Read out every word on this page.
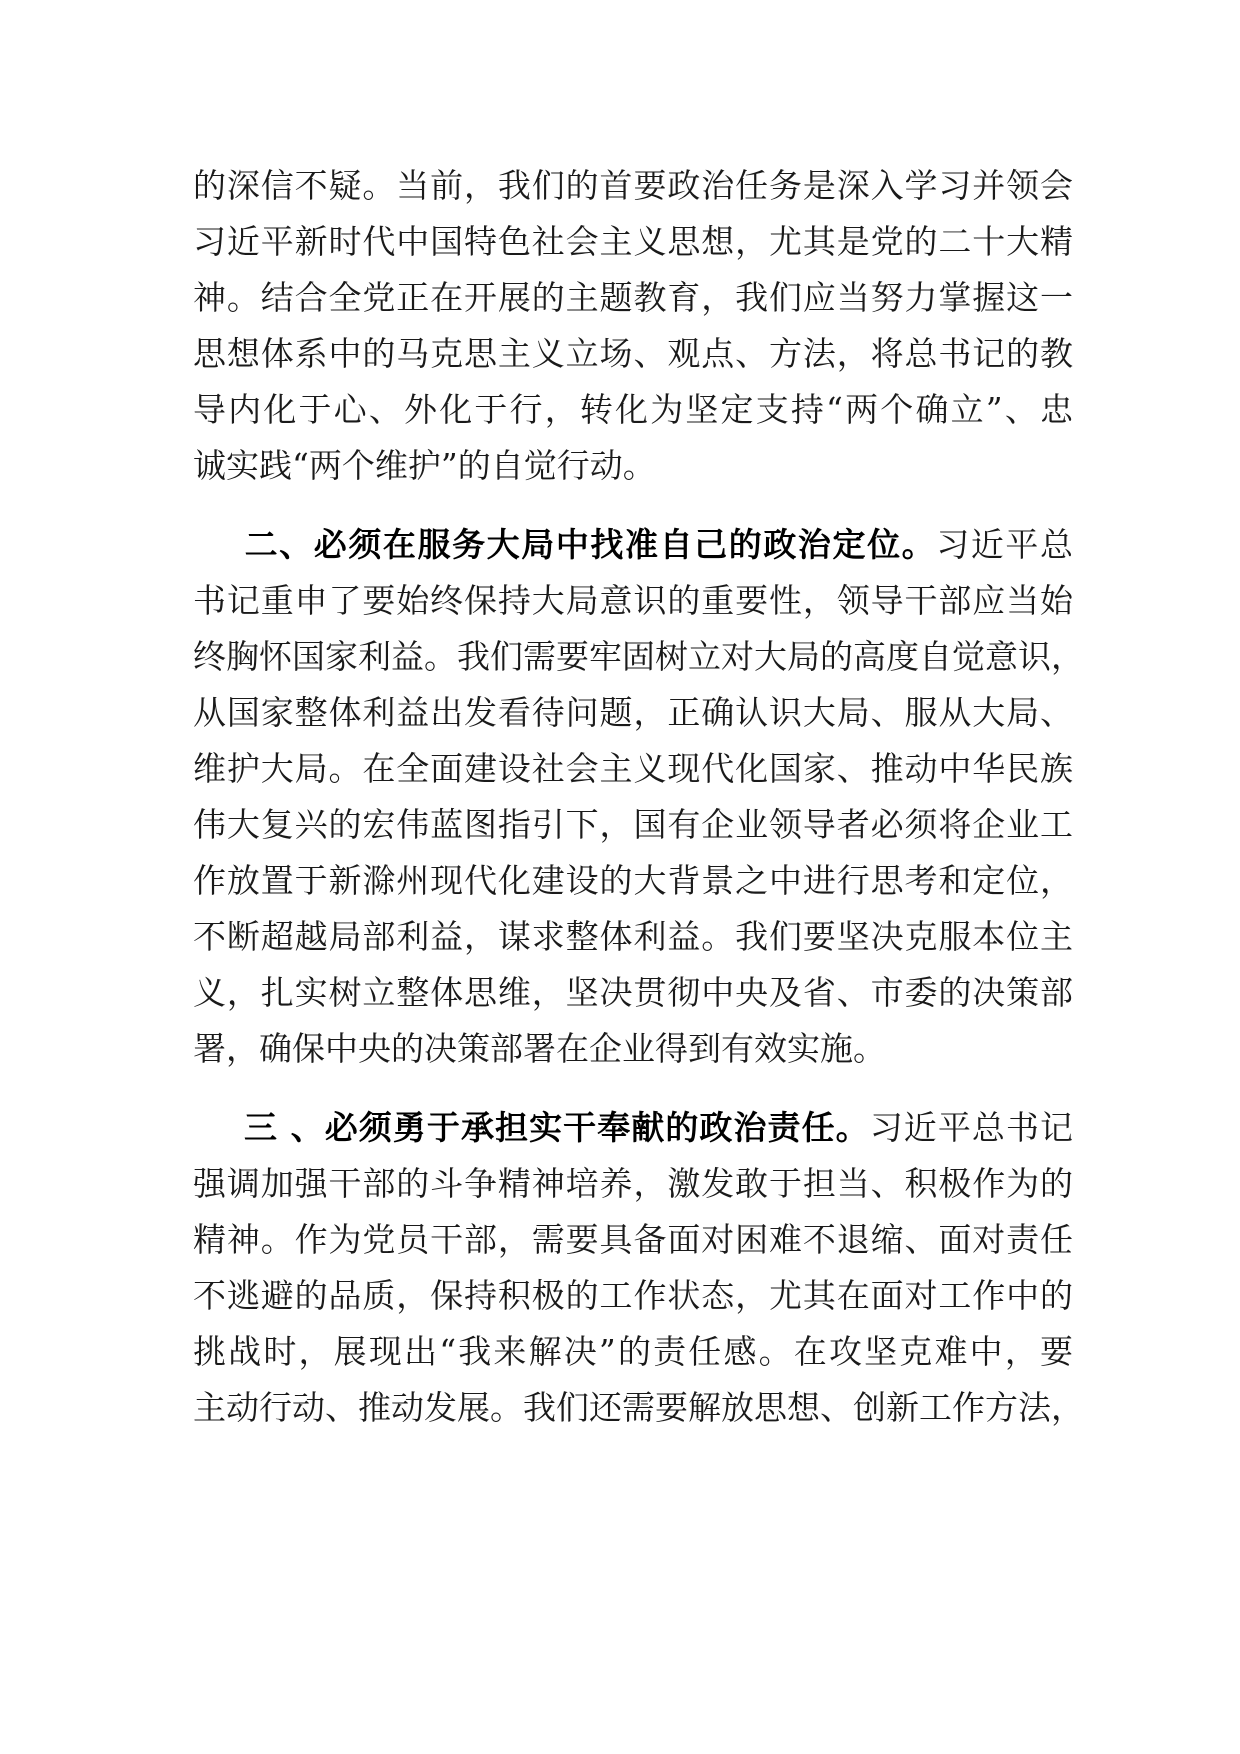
的深信不疑。当前，我们的首要政治任务是深入学习并领会
习近平新时代中国特色社会主义思想，尤其是党的二十大精
神。结合全党正在开展的主题教育，我们应当努力掌握这一
思想体系中的马克思主义立场、观点、方法，将总书记的教
导内化于心、外化于行，转化为坚定支持“两个确立”、忠
诚实践“两个维护”的自觉行动。
二、必须在服务大局中找准自己的政治定位。习近平总
书记重申了要始终保持大局意识的重要性，领导干部应当始
终胸怀国家利益。我们需要牢固树立对大局的高度自觉意识，
从国家整体利益出发看待问题，正确认识大局、服从大局、
维护大局。在全面建设社会主义现代化国家、推动中华民族
伟大复兴的宏伟蓝图指引下，国有企业领导者必须将企业工
作放置于新滁州现代化建设的大背景之中进行思考和定位，
不断超越局部利益，谋求整体利益。我们要坚决克服本位主
义，扎实树立整体思维，坚决贯彻中央及省、市委的决策部
署，确保中央的决策部署在企业得到有效实施。
三 、必须勇于承担实干奉献的政治责任。习近平总书记
强调加强干部的斗争精神培养，激发敢于担当、积极作为的
精神。作为党员干部，需要具备面对困难不退缩、面对责任
不逃避的品质，保持积极的工作状态，尤其在面对工作中的
挑战时，展现出“我来解决”的责任感。在攻坚克难中，要
主动行动、推动发展。我们还需要解放思想、创新工作方法，
